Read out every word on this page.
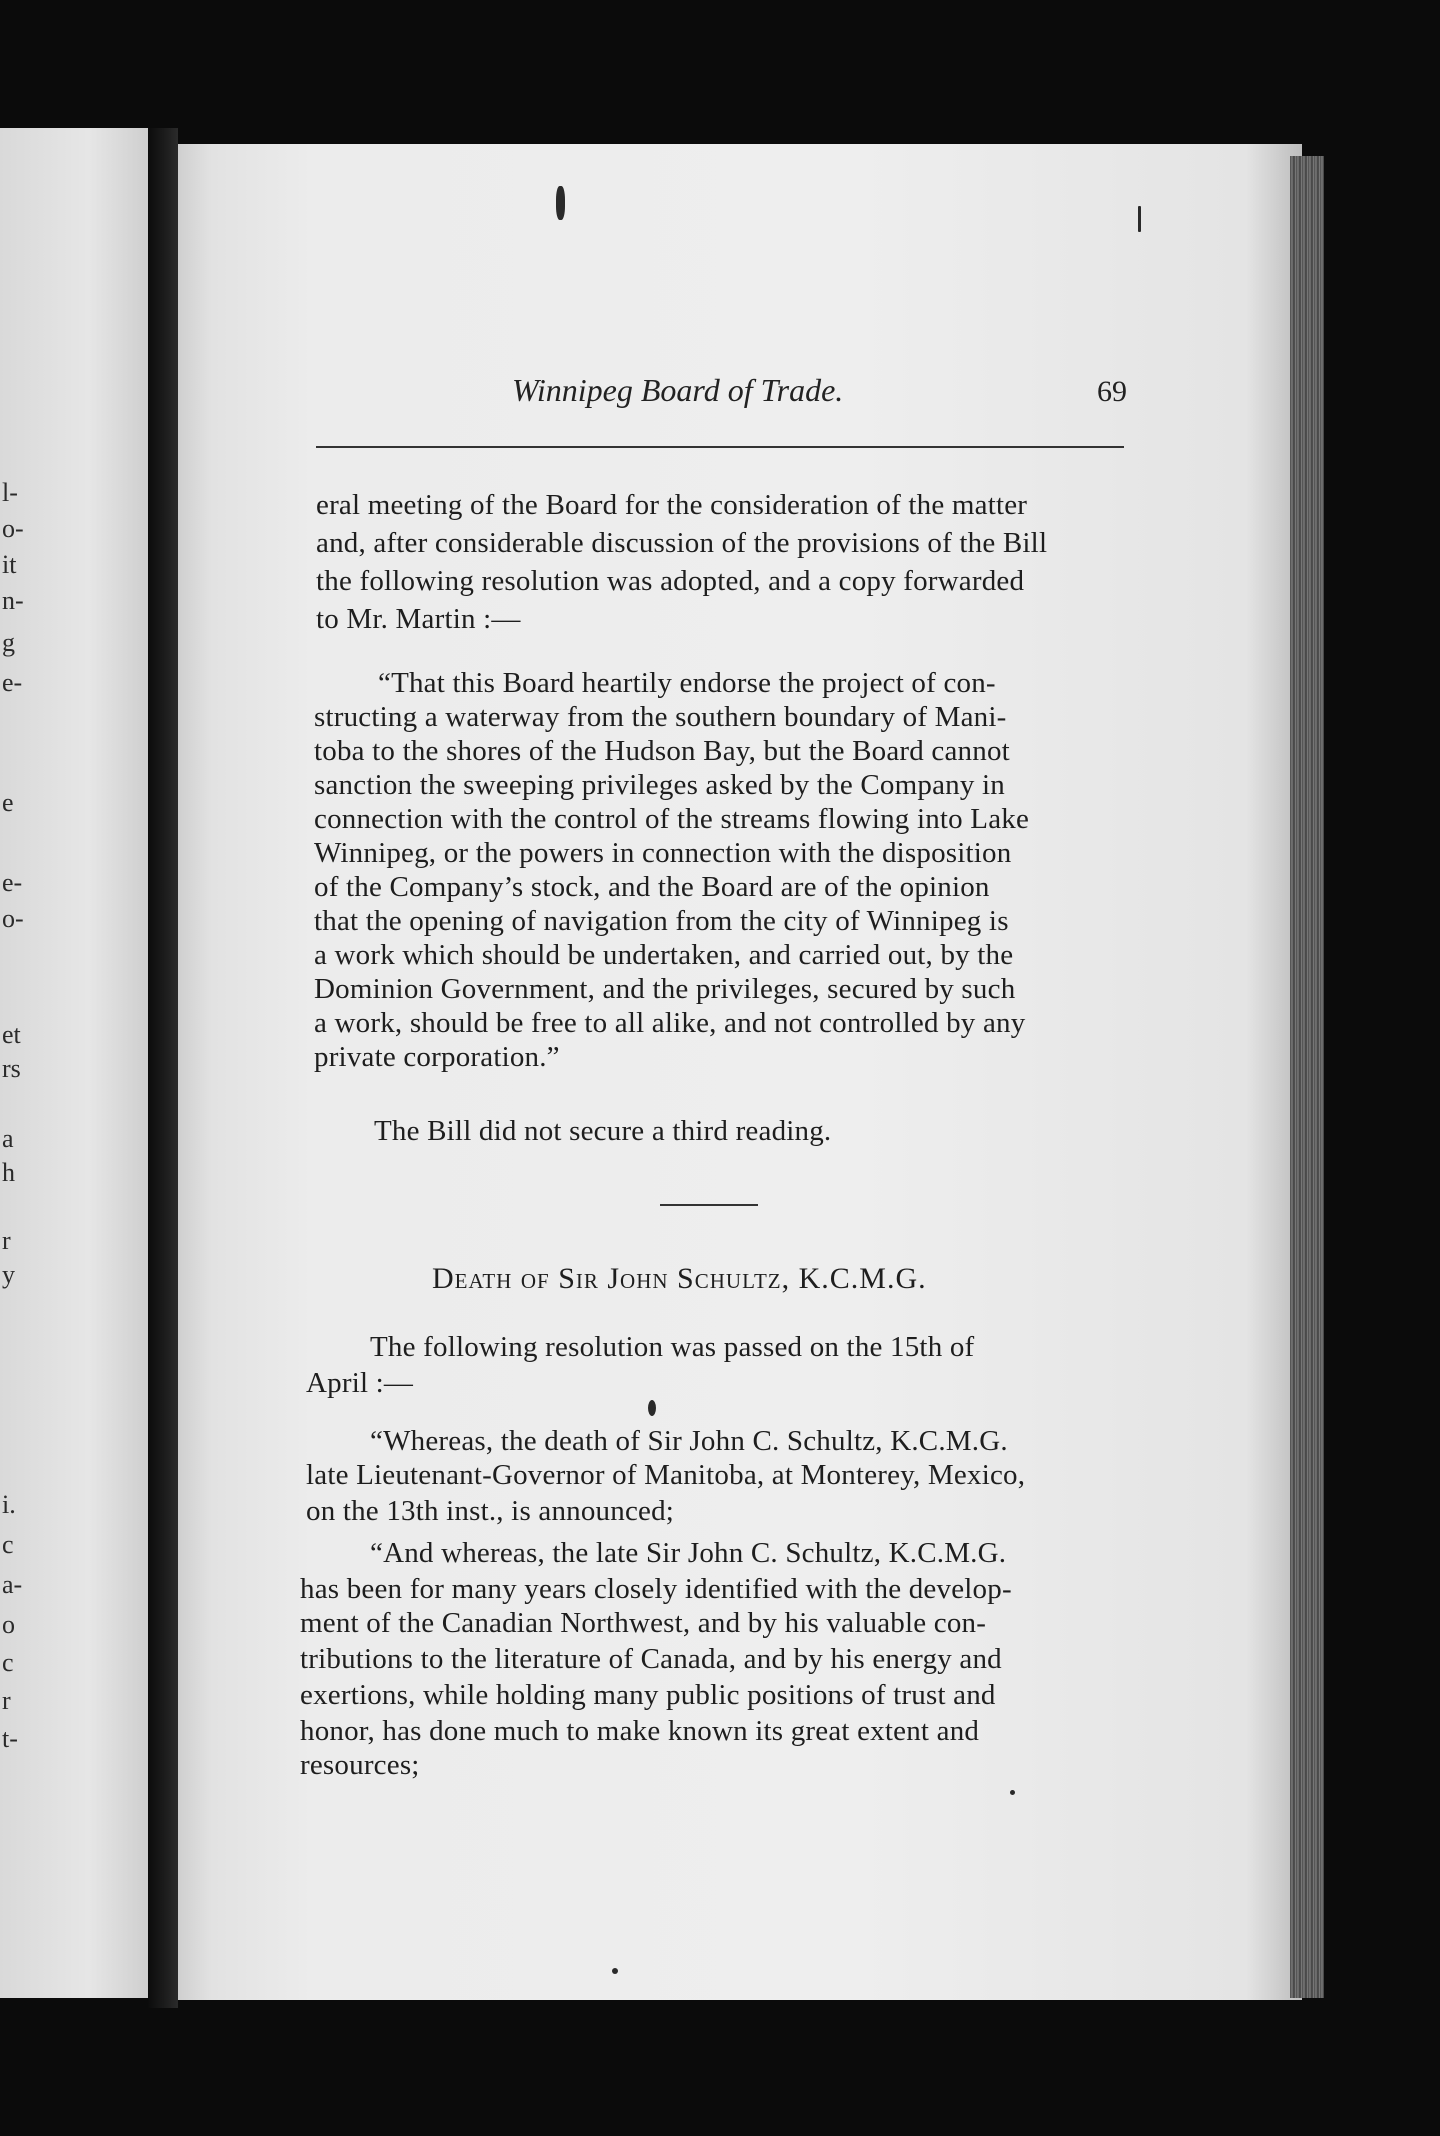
l-
o-
it
n-
g
e-
e
e-
o-
et
rs
a
h
r
y
i.
c
a-
o
c
r
t-
Winnipeg Board of Trade.	69
eral meeting of the Board for the consideration of the matter
and, after considerable discussion of the provisions of the Bill
the following resolution was adopted, and a copy forwarded
to Mr. Martin :—
“That this Board heartily endorse the project of con-
structing a waterway from the southern boundary of Mani-
toba to the shores of the Hudson Bay, but the Board cannot
sanction the sweeping privileges asked by the Company in
connection with the control of the streams flowing into Lake
Winnipeg, or the powers in connection with the disposition
of the Company’s stock, and the Board are of the opinion
that the opening of navigation from the city of Winnipeg is
a work which should be undertaken, and carried out, by the
Dominion Government, and the privileges, secured by such
a work, should be free to all alike, and not controlled by any
private corporation.”
The Bill did not secure a third reading.
Death of Sir John Schultz, K.C.M.G.
The following resolution was passed on the 15th of
April :—
“Whereas, the death of Sir John C. Schultz, K.C.M.G.
late Lieutenant-Governor of Manitoba, at Monterey, Mexico,
on the 13th inst., is announced;
“And whereas, the late Sir John C. Schultz, K.C.M.G.
has been for many years closely identified with the develop-
ment of the Canadian Northwest, and by his valuable con-
tributions to the literature of Canada, and by his energy and
exertions, while holding many public positions of trust and
honor, has done much to make known its great extent and
resources;
